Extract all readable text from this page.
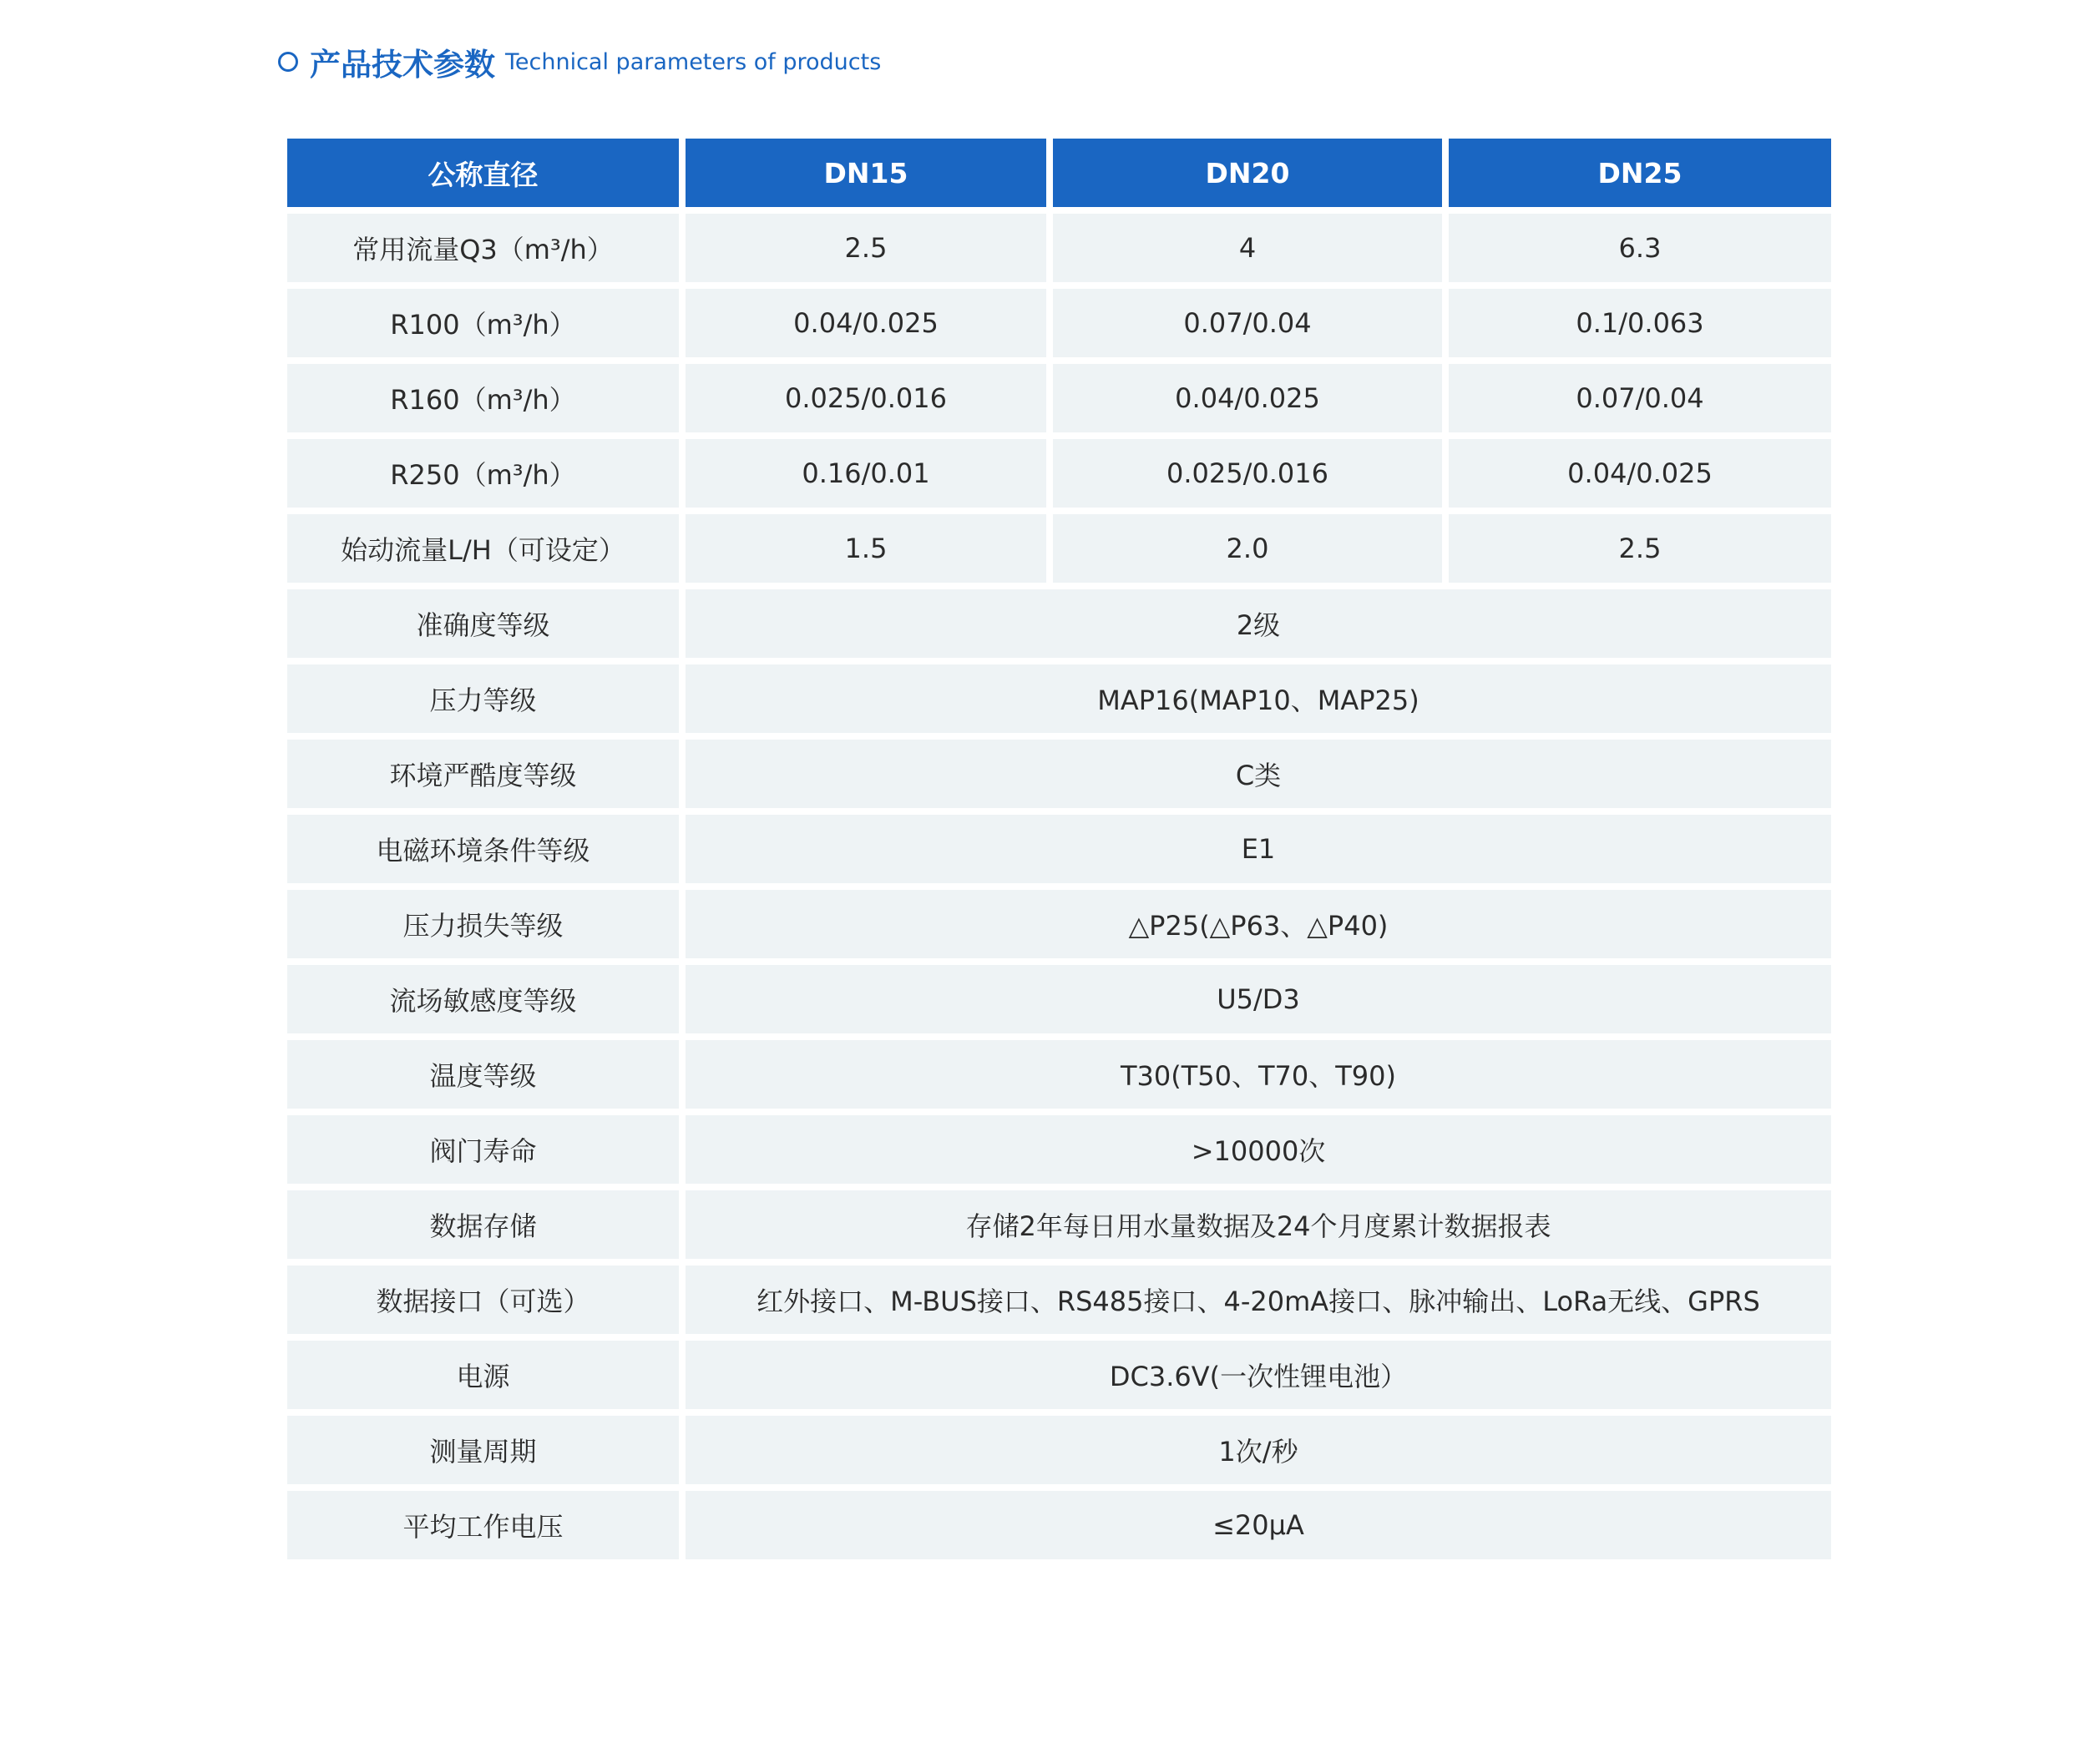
产品技术参数 Technical parameters of products
公称直径	DN15	DN20	DN25
常用流量Q3（m³/h）	2.5	4	6.3
R100（m³/h）	0.04/0.025	0.07/0.04	0.1/0.063
R160（m³/h）	0.025/0.016	0.04/0.025	0.07/0.04
R250（m³/h）	0.16/0.01	0.025/0.016	0.04/0.025
始动流量L/H（可设定）	1.5	2.0	2.5
准确度等级	2级
压力等级	MAP16(MAP10、MAP25)
环境严酷度等级	C类
电磁环境条件等级	E1
压力损失等级	△P25(△P63、△P40)
流场敏感度等级	U5/D3
温度等级	T30(T50、T70、T90)
阀门寿命	>10000次
数据存储	存储2年每日用水量数据及24个月度累计数据报表
数据接口（可选）	红外接口、M-BUS接口、RS485接口、4-20mA接口、脉冲输出、LoRa无线、GPRS
电源	DC3.6V(一次性锂电池）
测量周期	1次/秒
平均工作电压	≤20μA
